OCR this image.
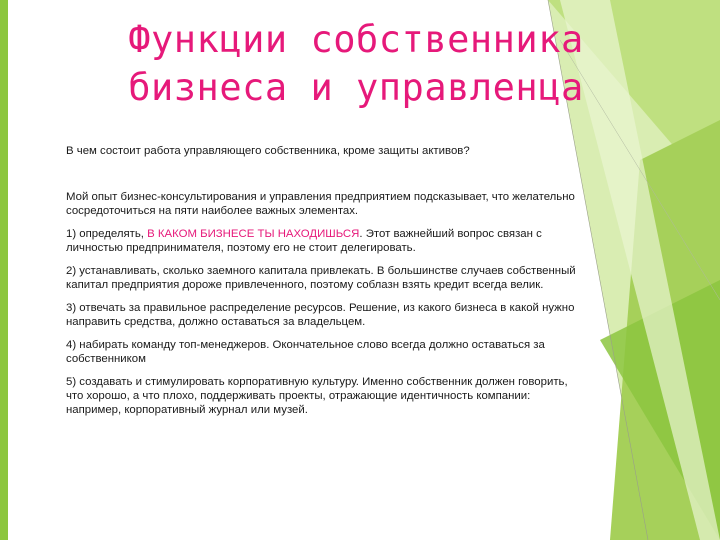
Функции собственника
бизнеса и управленца

В чем состоит работа управляющего собственника, кроме защиты активов?

Мой опыт бизнес-консультирования и управления предприятием подсказывает, что желательно сосредоточиться на пяти наиболее важных элементах.

1) определять, В КАКОМ БИЗНЕСЕ ТЫ НАХОДИШЬСЯ. Этот важнейший вопрос связан с личностью предпринимателя, поэтому его не стоит делегировать.

2) устанавливать, сколько заемного капитала привлекать. В большинстве случаев собственный капитал предприятия дороже привлеченного, поэтому соблазн взять кредит всегда велик.

3) отвечать за правильное распределение ресурсов. Решение, из какого бизнеса в какой нужно направить средства, должно оставаться за владельцем.

4) набирать команду топ-менеджеров. Окончательное слово всегда должно оставаться за собственником

5) создавать и стимулировать корпоративную культуру. Именно собственник должен говорить, что хорошо, а что плохо, поддерживать проекты, отражающие идентичность компании: например, корпоративный журнал или музей.
